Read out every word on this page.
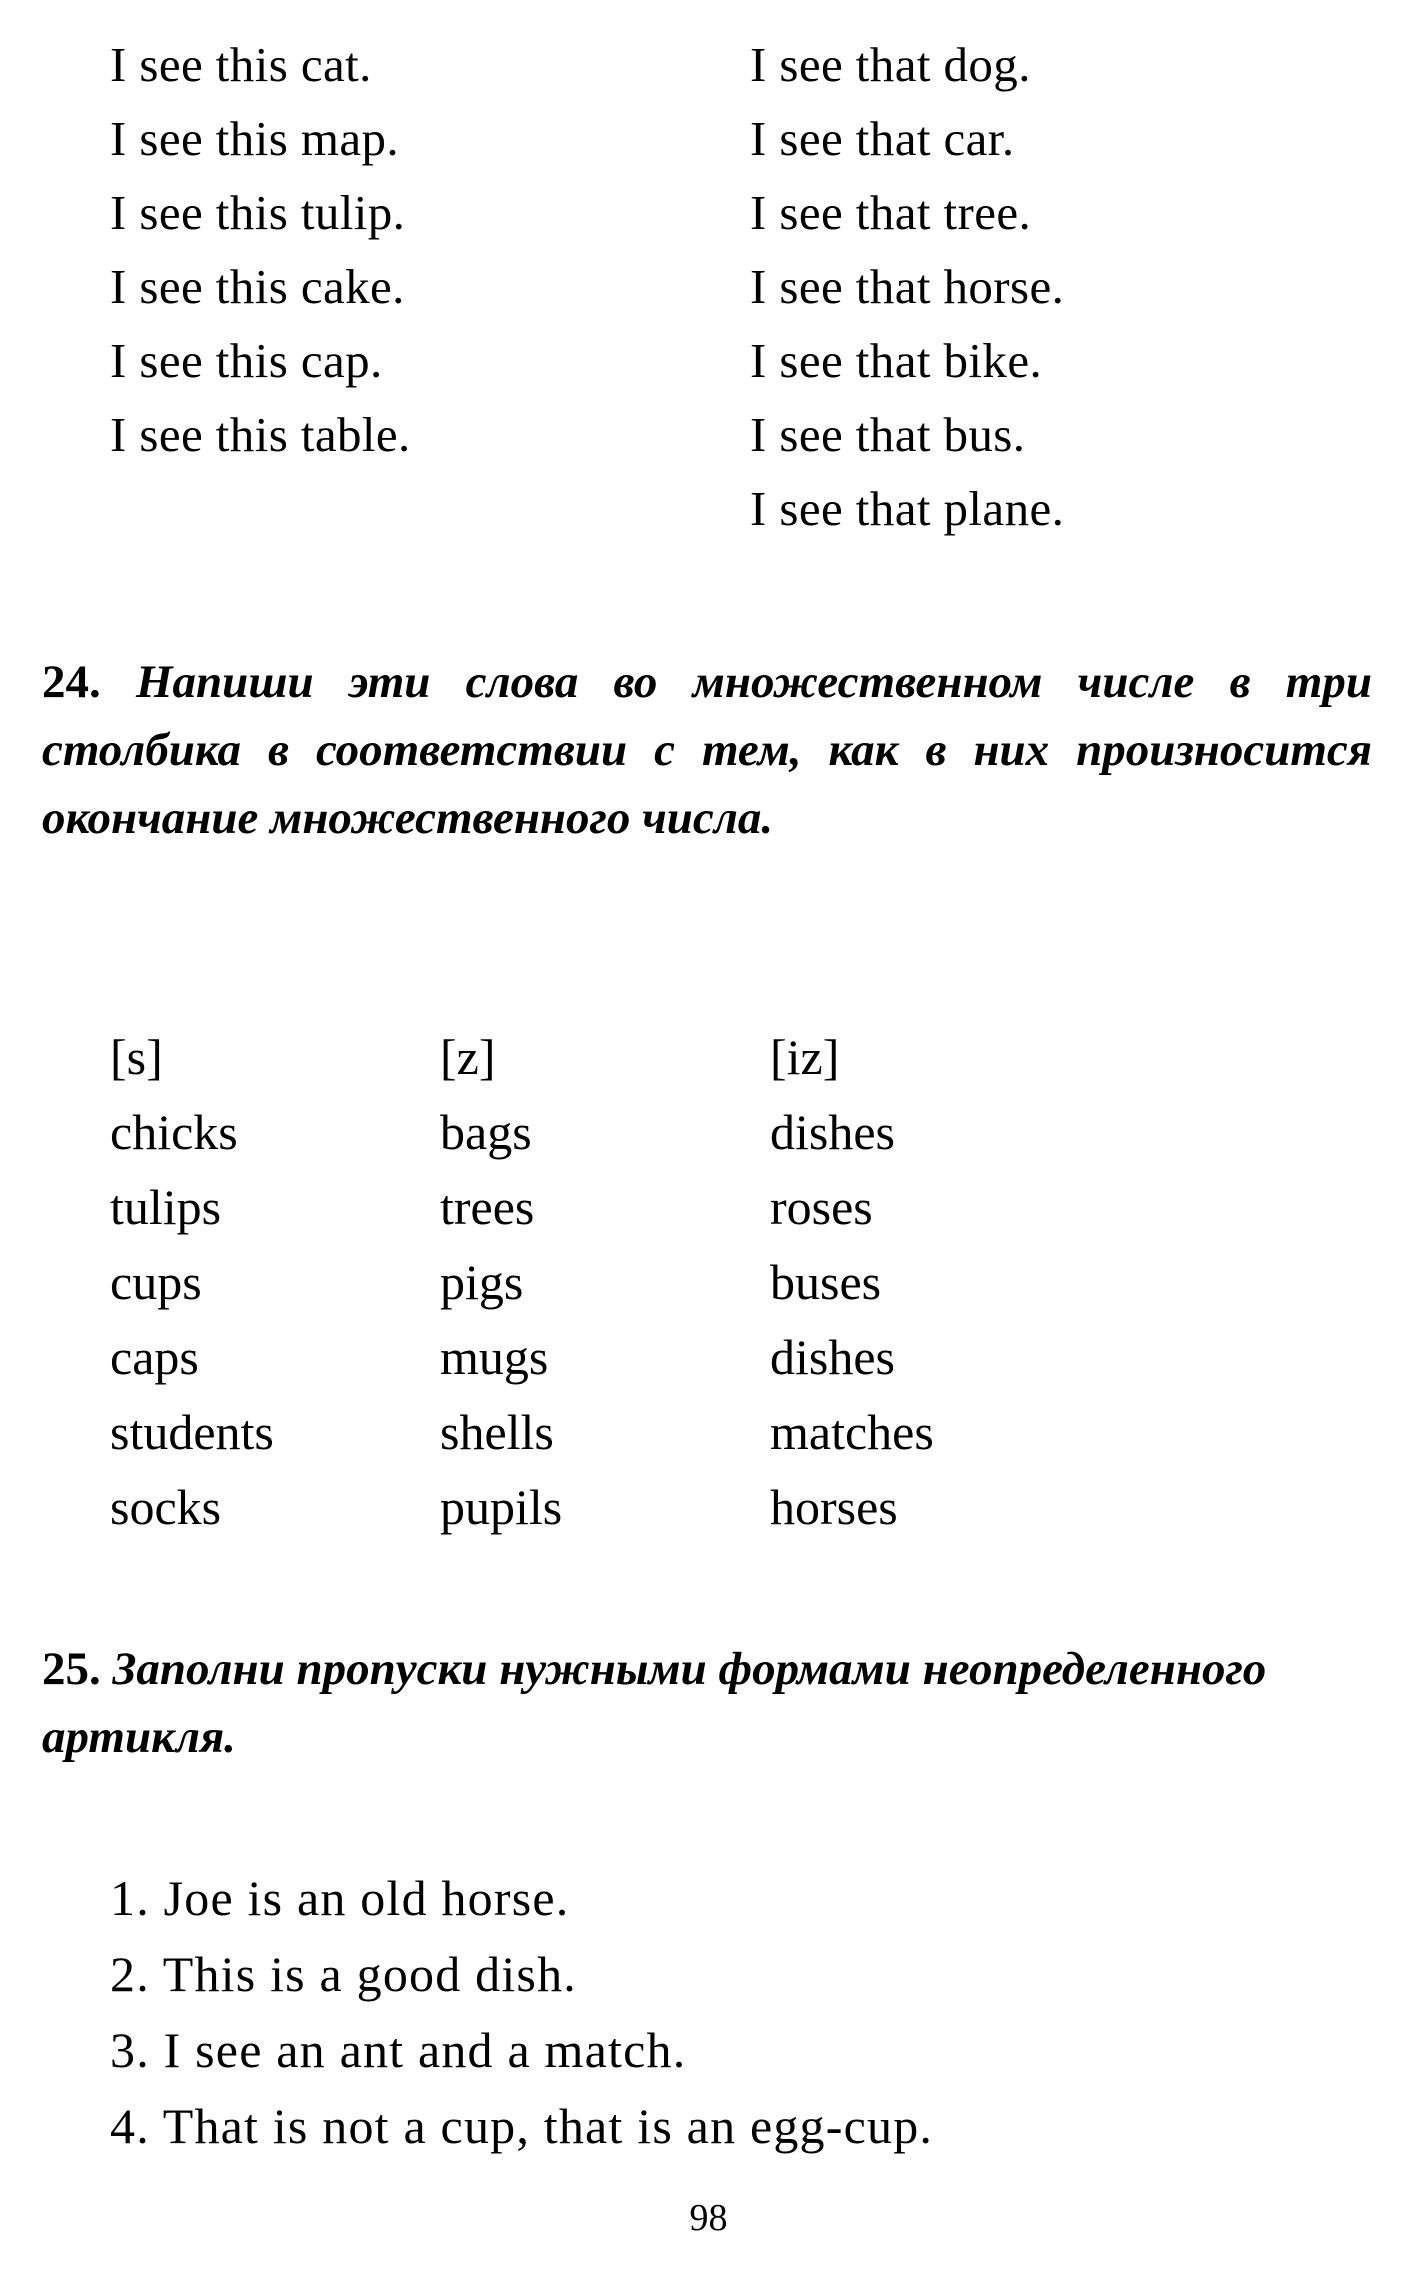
I see this cat.
I see this map.
I see this tulip.
I see this cake.
I see this cap.
I see this table.
I see that dog.
I see that car.
I see that tree.
I see that horse.
I see that bike.
I see that bus.
I see that plane.
24. Напиши эти слова во множественном числе в три столбика в соответствии с тем, как в них произносится окончание множественного числа.
[s]
chicks
tulips
cups
caps
students
socks
[z]
bags
trees
pigs
mugs
shells
pupils
[iz]
dishes
roses
buses
dishes
matches
horses
25. Заполни пропуски нужными формами неопределенного артикля.
1. Joe is an old horse.
2. This is a good dish.
3. I see an ant and a match.
4. That is not a cup, that is an egg-cup.
98
